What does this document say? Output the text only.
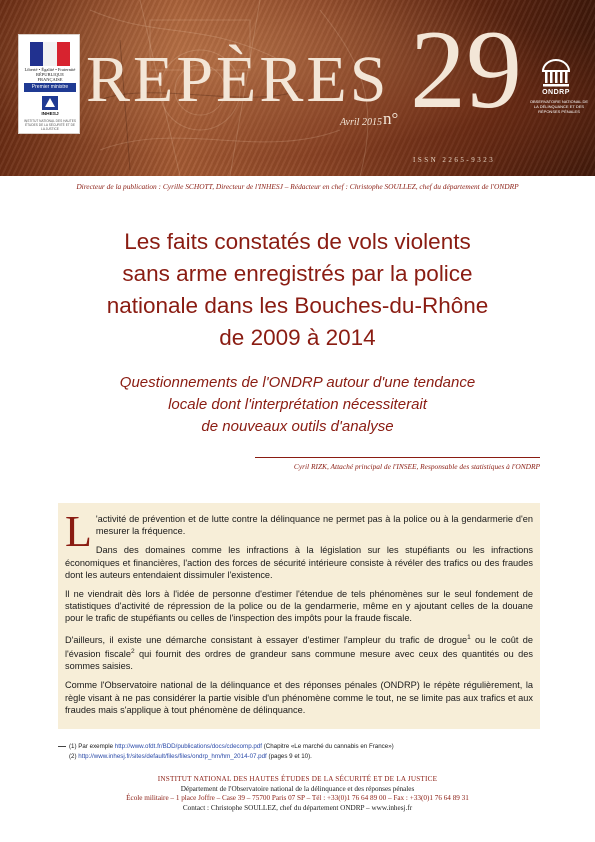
Liberté • Égalité • Fraternité RÉPUBLIQUE FRANÇAISE
Premier ministre
INHESJ
INSTITUT NATIONAL DES HAUTES ÉTUDES DE LA SÉCURITÉ ET DE LA JUSTICE
REPÈRES
Avril 2015 n° 29
ISSN 2265-9323
ONDRP
OBSERVATOIRE NATIONAL DE LA DÉLINQUANCE ET DES RÉPONSES PÉNALES
Directeur de la publication : Cyrille SCHOTT, Directeur de l'INHESJ – Rédacteur en chef : Christophe SOULLEZ, chef du département de l'ONDRP
Les faits constatés de vols violents
sans arme enregistrés par la police
nationale dans les Bouches-du-Rhône
de 2009 à 2014
Questionnements de l'ONDRP autour d'une tendance
locale dont l'interprétation nécessiterait
de nouveaux outils d'analyse
Cyril RIZK, Attaché principal de l'INSEE, Responsable des statistiques à l'ONDRP

L 'activité de prévention et de lutte contre la délinquance ne permet pas à la police ou à la gendarmerie d'en mesurer la fréquence.

Dans des domaines comme les infractions à la législation sur les stupéfiants ou les infractions économiques et financières, l'action des forces de sécurité intérieure consiste à révéler des trafics ou des fraudes dont les auteurs entendaient dissimuler l'existence.

Il ne viendrait dès lors à l'idée de personne d'estimer l'étendue de tels phénomènes sur le seul fondement de statistiques d'activité de répression de la police ou de la gendarmerie, même en y ajoutant celles de la douane pour le trafic de stupéfiants ou celles de l'inspection des impôts pour la fraude fiscale.

D'ailleurs, il existe une démarche consistant à essayer d'estimer l'ampleur du trafic de drogue$^1$ ou le coût de l'évasion fiscale$^2$ qui fournit des ordres de grandeur sans commune mesure avec ceux des quantités ou des sommes saisies.

Comme l'Observatoire national de la délinquance et des réponses pénales (ONDRP) le répète régulièrement, la règle visant à ne pas considérer la partie visible d'un phénomène comme le tout, ne se limite pas aux trafics et aux fraudes mais s'applique à tout phénomène de délinquance.

(1) Par exemple http://www.ofdt.fr/BDD/publications/docs/cdecomp.pdf (Chapitre «Le marché du cannabis en France»)
(2) http://www.inhesj.fr/sites/default/files/files/ondrp_hm/hm_2014-07.pdf (pages 9 et 10).
INSTITUT NATIONAL DES HAUTES ÉTUDES DE LA SÉCURITÉ ET DE LA JUSTICE
Département de l'Observatoire national de la délinquance et des réponses pénales
École militaire – 1 place Joffre – Case 39 – 75700 Paris 07 SP – Tél : +33(0)1 76 64 89 00 – Fax : +33(0)1 76 64 89 31
Contact : Christophe SOULLEZ, chef du département ONDRP – www.inhesj.fr
